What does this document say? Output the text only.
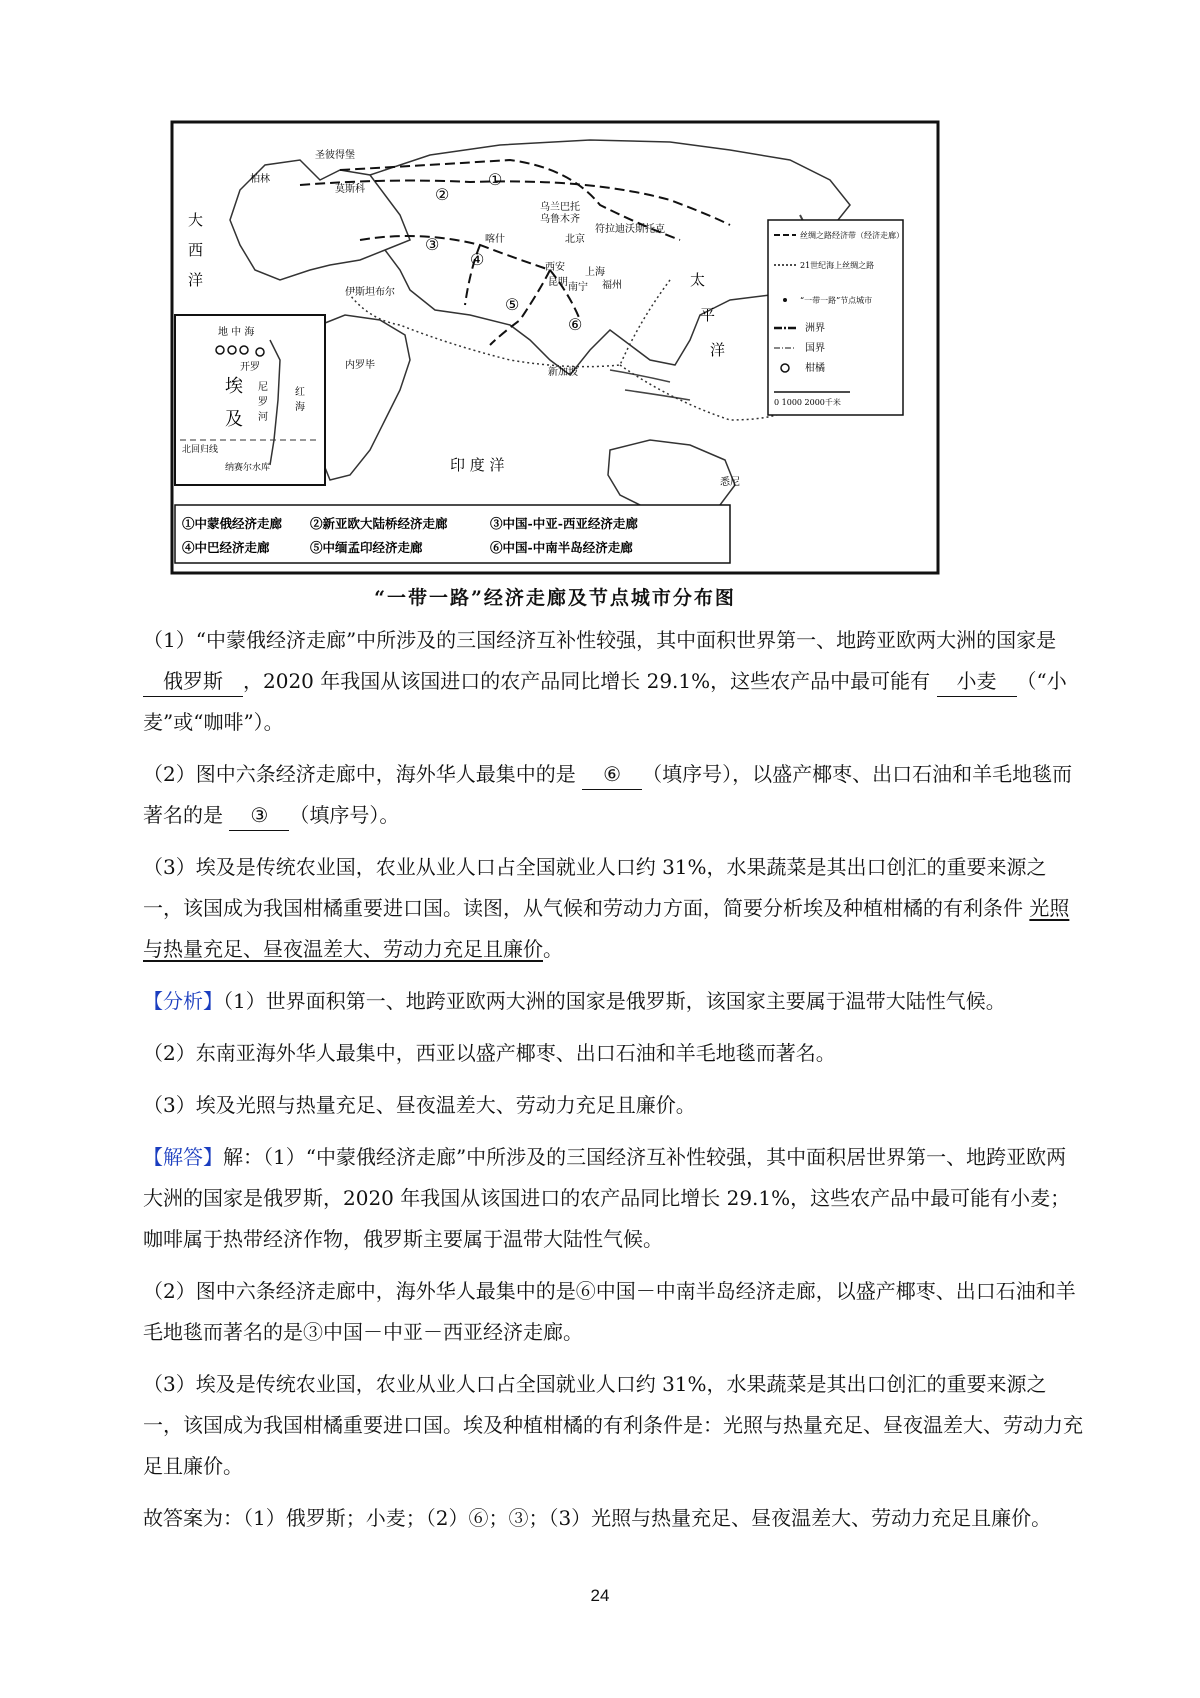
地 中 海
开罗
埃
及
尼
罗
河
红
海
北回归线
纳赛尔水库
大
西
洋	太
平
洋
印 度 洋
圣彼得堡
柏林
莫斯科
乌兰巴托
乌鲁木齐
北京
符拉迪沃斯托克
喀什
西安 上海
昆明 南宁 福州
伊斯坦布尔
内罗毕
新加坡
悉尼
①
②
③
④
⑤
⑥
丝绸之路经济带（经济走廊）
21世纪海上丝绸之路
“一带一路”节点城市
洲界
国界
柑橘
0 1000 2000千米
①中蒙俄经济走廊 ②新亚欧大陆桥经济走廊	③中国-中亚-西亚经济走廊
④中巴经济走廊	⑤中缅孟印经济走廊	⑥中国-中南半岛经济走廊
“一带一路”经济走廊及节点城市分布图

（1）“中蒙俄经济走廊”中所涉及的三国经济互补性较强，其中面积世界第一、地跨亚欧两大洲的国家是 俄罗斯 ，2020 年我国从该国进口的农产品同比增长 29.1%，这些农产品中最可能有 小麦 （“小麦”或“咖啡”）。

（2）图中六条经济走廊中，海外华人最集中的是 ⑥ （填序号），以盛产椰枣、出口石油和羊毛地毯而著名的是 ③ （填序号）。

（3）埃及是传统农业国，农业从业人口占全国就业人口约 31%，水果蔬菜是其出口创汇的重要来源之一，该国成为我国柑橘重要进口国。读图，从气候和劳动力方面，简要分析埃及种植柑橘的有利条件 光照与热量充足、昼夜温差大、劳动力充足且廉价。

【分析】（1）世界面积第一、地跨亚欧两大洲的国家是俄罗斯，该国家主要属于温带大陆性气候。

（2）东南亚海外华人最集中，西亚以盛产椰枣、出口石油和羊毛地毯而著名。

（3）埃及光照与热量充足、昼夜温差大、劳动力充足且廉价。

【解答】解：（1）“中蒙俄经济走廊”中所涉及的三国经济互补性较强，其中面积居世界第一、地跨亚欧两大洲的国家是俄罗斯，2020 年我国从该国进口的农产品同比增长 29.1%，这些农产品中最可能有小麦；咖啡属于热带经济作物，俄罗斯主要属于温带大陆性气候。

（2）图中六条经济走廊中，海外华人最集中的是⑥中国－中南半岛经济走廊，以盛产椰枣、出口石油和羊毛地毯而著名的是③中国－中亚－西亚经济走廊。

（3）埃及是传统农业国，农业从业人口占全国就业人口约 31%，水果蔬菜是其出口创汇的重要来源之一，该国成为我国柑橘重要进口国。埃及种植柑橘的有利条件是：光照与热量充足、昼夜温差大、劳动力充足且廉价。

故答案为：（1）俄罗斯；小麦；（2）⑥；③；（3）光照与热量充足、昼夜温差大、劳动力充足且廉价。

24
